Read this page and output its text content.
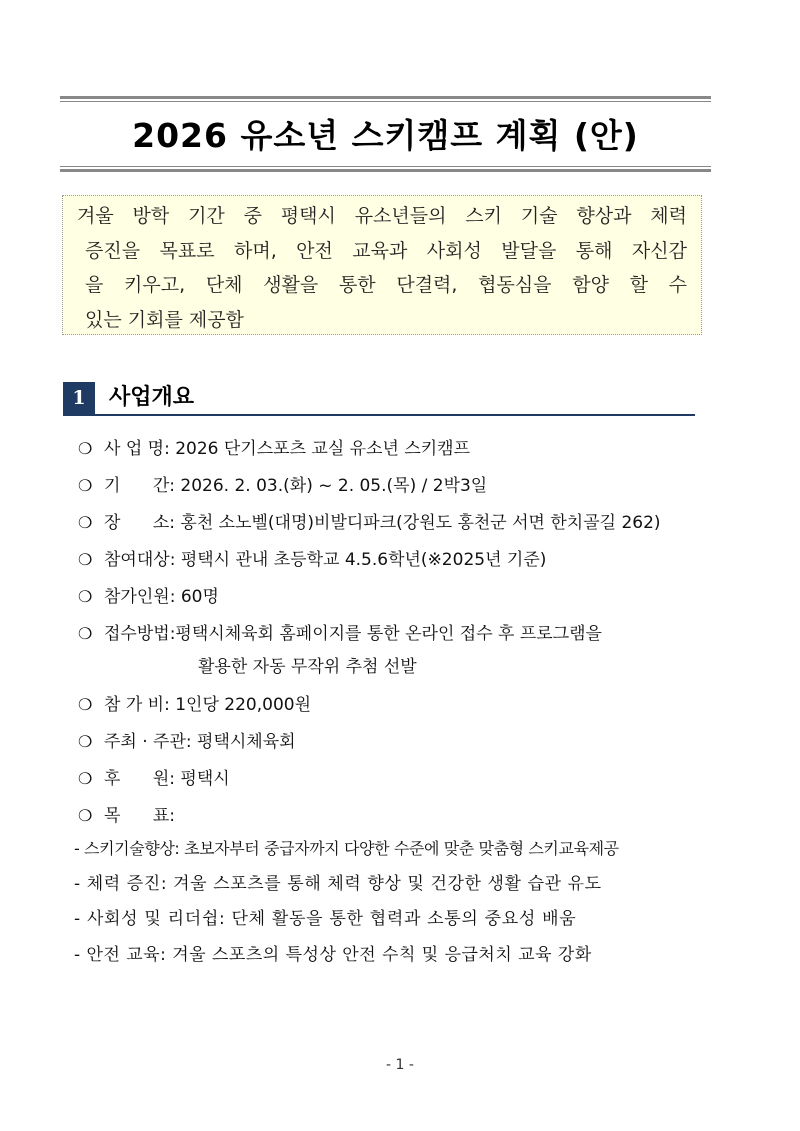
2026 유소년 스키캠프 계획 (안)
겨울 방학 기간 중 평택시 유소년들의 스키 기술 향상과 체력
증진을 목표로 하며, 안전 교육과 사회성 발달을 통해 자신감
을 키우고, 단체 생활을 통한 단결력, 협동심을 함양 할 수
있는 기회를 제공함
1	사업개요
❍ 사 업 명: 2026 단기스포츠 교실 유소년 스키캠프
❍ 기      간: 2026. 2. 03.(화) ~ 2. 05.(목) / 2박3일
❍ 장      소: 홍천 소노벨(대명)비발디파크(강원도 홍천군 서면 한치골길 262)
❍ 참여대상: 평택시 관내 초등학교 4.5.6학년(※2025년 기준)
❍ 참가인원: 60명
❍ 접수방법:평택시체육회 홈페이지를 통한 온라인 접수 후 프로그램을
활용한 자동 무작위 추첨 선발
❍ 참 가 비: 1인당 220,000원
❍ 주최 · 주관: 평택시체육회
❍ 후      원: 평택시
❍ 목      표:
- 스키기술향상: 초보자부터 중급자까지 다양한 수준에 맞춘 맞춤형 스키교육제공
- 체력 증진: 겨울 스포츠를 통해 체력 향상 및 건강한 생활 습관 유도
- 사회성 및 리더쉽: 단체 활동을 통한 협력과 소통의 중요성 배움
- 안전 교육: 겨울 스포츠의 특성상 안전 수칙 및 응급처치 교육 강화
- 1 -
